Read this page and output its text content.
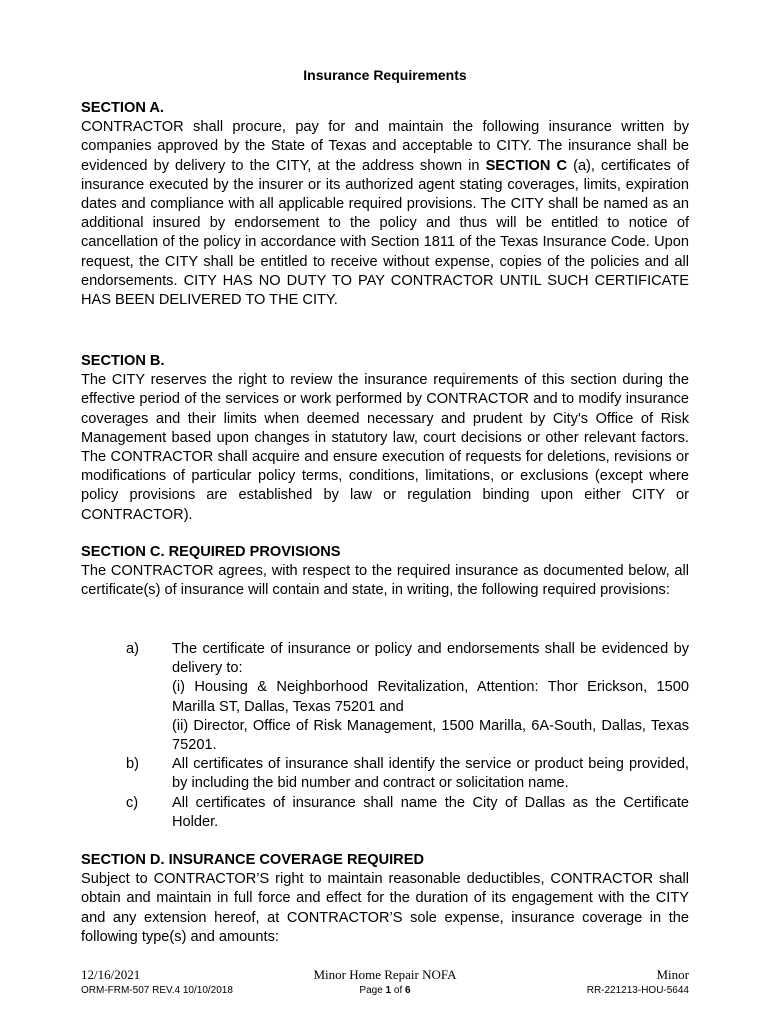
Insurance Requirements
SECTION A.
CONTRACTOR shall procure, pay for and maintain the following insurance written by companies approved by the State of Texas and acceptable to CITY. The insurance shall be evidenced by delivery to the CITY, at the address shown in SECTION C (a), certificates of insurance executed by the insurer or its authorized agent stating coverages, limits, expiration dates and compliance with all applicable required provisions. The CITY shall be named as an additional insured by endorsement to the policy and thus will be entitled to notice of cancellation of the policy in accordance with Section 1811 of the Texas Insurance Code. Upon request, the CITY shall be entitled to receive without expense, copies of the policies and all endorsements. CITY HAS NO DUTY TO PAY CONTRACTOR UNTIL SUCH CERTIFICATE HAS BEEN DELIVERED TO THE CITY.
SECTION B.
The CITY reserves the right to review the insurance requirements of this section during the effective period of the services or work performed by CONTRACTOR and to modify insurance coverages and their limits when deemed necessary and prudent by City's Office of Risk Management based upon changes in statutory law, court decisions or other relevant factors. The CONTRACTOR shall acquire and ensure execution of requests for deletions, revisions or modifications of particular policy terms, conditions, limitations, or exclusions (except where policy provisions are established by law or regulation binding upon either CITY or CONTRACTOR).
SECTION C. REQUIRED PROVISIONS
The CONTRACTOR agrees, with respect to the required insurance as documented below, all certificate(s) of insurance will contain and state, in writing, the following required provisions:
a) The certificate of insurance or policy and endorsements shall be evidenced by delivery to:
(i) Housing & Neighborhood Revitalization, Attention: Thor Erickson, 1500 Marilla ST, Dallas, Texas 75201 and
(ii) Director, Office of Risk Management, 1500 Marilla, 6A-South, Dallas, Texas 75201.
b) All certificates of insurance shall identify the service or product being provided, by including the bid number and contract or solicitation name.
c) All certificates of insurance shall name the City of Dallas as the Certificate Holder.
SECTION D. INSURANCE COVERAGE REQUIRED
Subject to CONTRACTOR’S right to maintain reasonable deductibles, CONTRACTOR shall obtain and maintain in full force and effect for the duration of its engagement with the CITY and any extension hereof, at CONTRACTOR’S sole expense, insurance coverage in the following type(s) and amounts:
12/16/2021	Minor Home Repair NOFA	Minor
ORM-FRM-507 REV.4 10/10/2018	Page 1 of 6	RR-221213-HOU-5644
